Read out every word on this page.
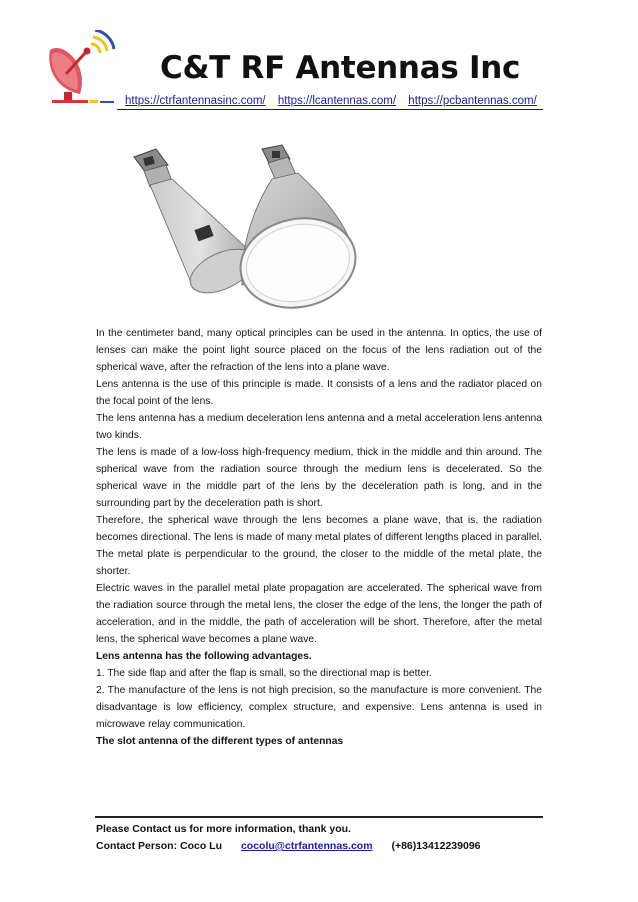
C&T RF Antennas Inc
https://ctrfantennasinc.com/ https://lcantennas.com/ https://pcbantennas.com/

In the centimeter band, many optical principles can be used in the antenna. In optics, the use of lenses can make the point light source placed on the focus of the lens radiation out of the spherical wave, after the refraction of the lens into a plane wave.

Lens antenna is the use of this principle is made. It consists of a lens and the radiator placed on the focal point of the lens.

The lens antenna has a medium deceleration lens antenna and a metal acceleration lens antenna two kinds.

The lens is made of a low-loss high-frequency medium, thick in the middle and thin around. The spherical wave from the radiation source through the medium lens is decelerated. So the spherical wave in the middle part of the lens by the deceleration path is long, and in the surrounding part by the deceleration path is short.

Therefore, the spherical wave through the lens becomes a plane wave, that is, the radiation becomes directional. The lens is made of many metal plates of different lengths placed in parallel. The metal plate is perpendicular to the ground, the closer to the middle of the metal plate, the shorter.

Electric waves in the parallel metal plate propagation are accelerated. The spherical wave from the radiation source through the metal lens, the closer the edge of the lens, the longer the path of acceleration, and in the middle, the path of acceleration will be short. Therefore, after the metal lens, the spherical wave becomes a plane wave.

Lens antenna has the following advantages.

1. The side flap and after the flap is small, so the directional map is better.

2. The manufacture of the lens is not high precision, so the manufacture is more convenient. The disadvantage is low efficiency, complex structure, and expensive. Lens antenna is used in microwave relay communication.

The slot antenna of the different types of antennas

Please Contact us for more information, thank you.
Contact Person: Coco Lu cocolu@ctrfantennas.com (+86)13412239096
